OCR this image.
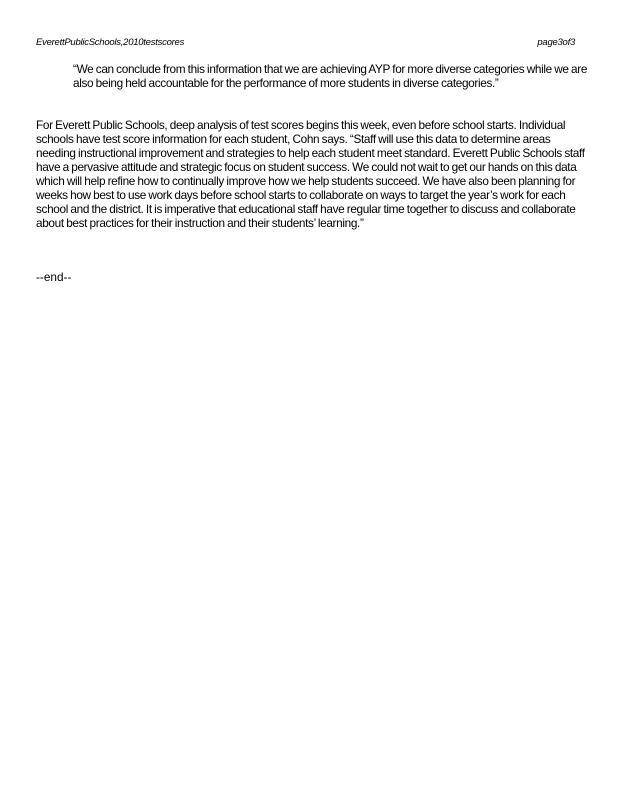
EverettPublicSchools,2010testscores	page3of3
“We can conclude from this information that we are achieving AYP for more diverse categories while we are also being held accountable for the performance of more students in diverse categories.”
For Everett Public Schools, deep analysis of test scores begins this week, even before school starts. Individual schools have test score information for each student, Cohn says. “Staff will use this data to determine areas needing instructional improvement and strategies to help each student meet standard. Everett Public Schools staff have a pervasive attitude and strategic focus on student success. We could not wait to get our hands on this data which will help refine how to continually improve how we help students succeed. We have also been planning for weeks how best to use work days before school starts to collaborate on ways to target the year’s work for each school and the district. It is imperative that educational staff have regular time together to discuss and collaborate about best practices for their instruction and their students’ learning.”
--end--
